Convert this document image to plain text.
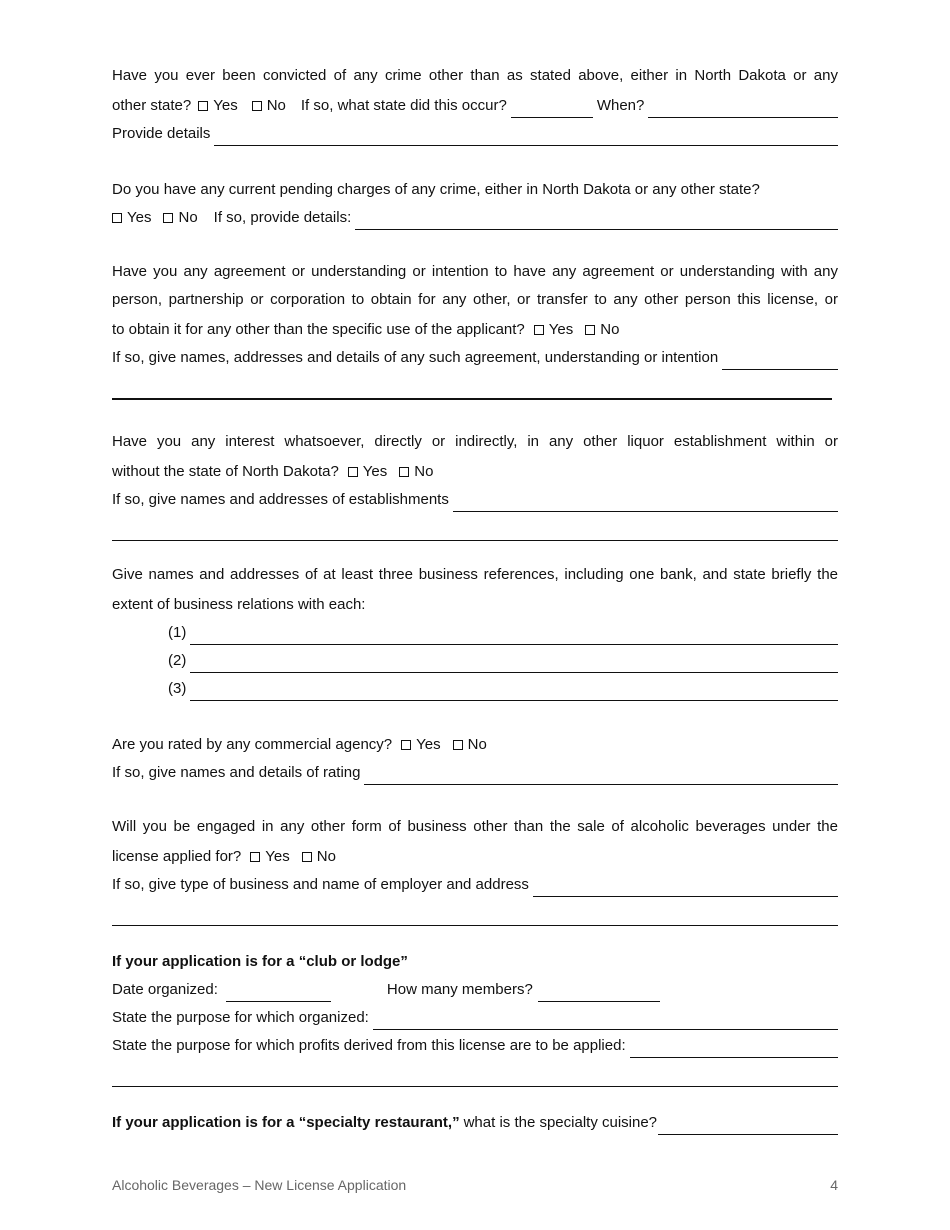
Have you ever been convicted of any crime other than as stated above, either in North Dakota or any
other state?	Yes	No If so, what state did this occur?	When?
Provide details
Do you have any current pending charges of any crime, either in North Dakota or any other state?
Yes	No If so, provide details:
Have you any agreement or understanding or intention to have any agreement or understanding with any
person, partnership or corporation to obtain for any other, or transfer to any other person this license, or
to obtain it for any other than the specific use of the applicant?	Yes	No
If so, give names, addresses and details of any such agreement, understanding or intention
Have you any interest whatsoever, directly or indirectly, in any other liquor establishment within or
without the state of North Dakota?	Yes	No
If so, give names and addresses of establishments
Give names and addresses of at least three business references, including one bank, and state briefly the
extent of business relations with each:
(1)
(2)
(3)
Are you rated by any commercial agency?	Yes	No
If so, give names and details of rating
Will you be engaged in any other form of business other than the sale of alcoholic beverages under the
license applied for?	Yes	No
If so, give type of business and name of employer and address
If your application is for a “club or lodge”
Date organized:	How many members?
State the purpose for which organized:
State the purpose for which profits derived from this license are to be applied:
If your application is for a “specialty restaurant,” what is the specialty cuisine?
Alcoholic Beverages – New License Application	4
